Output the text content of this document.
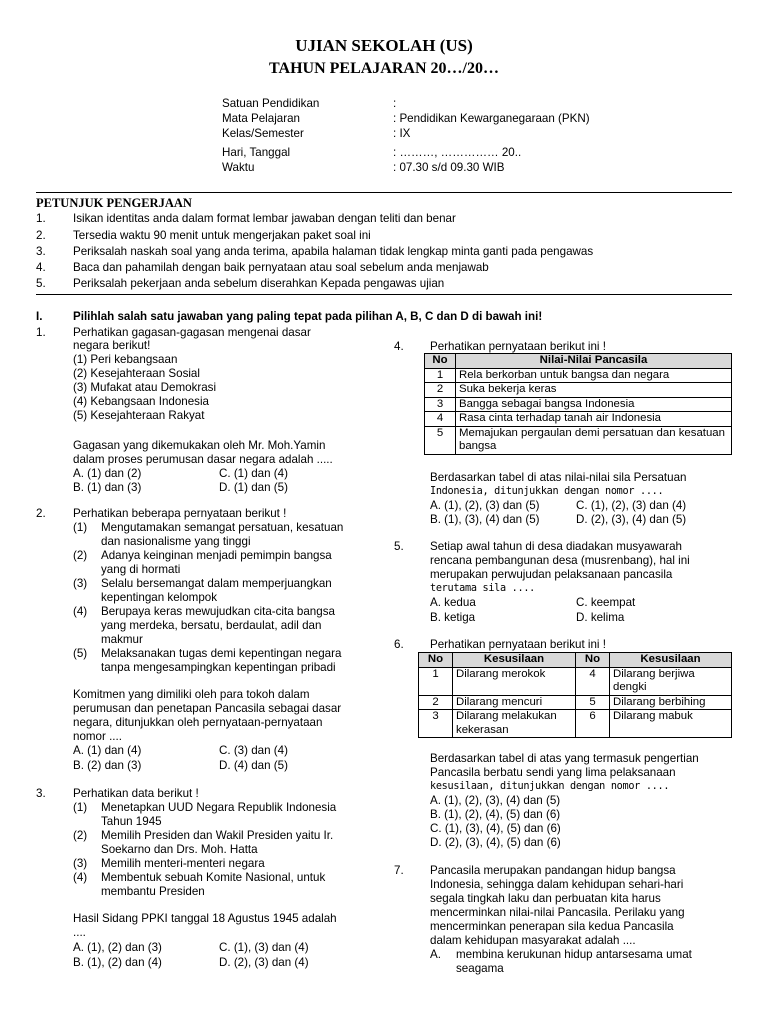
UJIAN SEKOLAH (US)
TAHUN PELAJARAN 20…/20…
Satuan Pendidikan	:
Mata Pelajaran	: Pendidikan Kewarganegaraan (PKN)
Kelas/Semester	: IX
Hari, Tanggal	: ………, …………… 20..
Waktu	: 07.30 s/d 09.30 WIB
PETUNJUK PENGERJAAN
1. Isikan identitas anda dalam format lembar jawaban dengan teliti dan benar
2. Tersedia waktu 90 menit untuk mengerjakan paket soal ini
3. Periksalah naskah soal yang anda terima, apabila halaman tidak lengkap minta ganti pada pengawas
4. Baca dan pahamilah dengan baik pernyataan atau soal sebelum anda menjawab
5. Periksalah pekerjaan anda sebelum diserahkan Kepada pengawas ujian
I.	Pilihlah salah satu jawaban yang paling tepat pada pilihan A, B, C dan D di bawah ini!
1. Perhatikan gagasan-gagasan mengenai dasar
negara berikut!
(1) Peri kebangsaan
(2) Kesejahteraan Sosial
(3) Mufakat atau Demokrasi
(4) Kebangsaan Indonesia
(5) Kesejahteraan Rakyat
Gagasan yang dikemukakan oleh Mr. Moh.Yamin
dalam proses perumusan dasar negara adalah .....
A. (1) dan (2)	C. (1) dan (4)
B. (1) dan (3)	D. (1) dan (5)
2. Perhatikan beberapa pernyataan berikut !
(1) Mengutamakan semangat persatuan, kesatuan
dan nasionalisme yang tinggi
(2) Adanya keinginan menjadi pemimpin bangsa
yang di hormati
(3) Selalu bersemangat dalam memperjuangkan
kepentingan kelompok
(4) Berupaya keras mewujudkan cita-cita bangsa
yang merdeka, bersatu, berdaulat, adil dan
makmur
(5) Melaksanakan tugas demi kepentingan negara
tanpa mengesampingkan kepentingan pribadi
Komitmen yang dimiliki oleh para tokoh dalam
perumusan dan penetapan Pancasila sebagai dasar
negara, ditunjukkan oleh pernyataan-pernyataan
nomor ....
A. (1) dan (4)	C. (3) dan (4)
B. (2) dan (3)	D. (4) dan (5)
3. Perhatikan data berikut !
(1) Menetapkan UUD Negara Republik Indonesia
Tahun 1945
(2) Memilih Presiden dan Wakil Presiden yaitu Ir.
Soekarno dan Drs. Moh. Hatta
(3) Memilih menteri-menteri negara
(4) Membentuk sebuah Komite Nasional, untuk
membantu Presiden
Hasil Sidang PPKI tanggal 18 Agustus 1945 adalah
....
A. (1), (2) dan (3)	C. (1), (3) dan (4)
B. (1), (2) dan (4)	D. (2), (3) dan (4)
4. Perhatikan pernyataan berikut ini !
No	Nilai-Nilai Pancasila
1	Rela berkorban untuk bangsa dan negara
2	Suka bekerja keras
3	Bangga sebagai bangsa Indonesia
4	Rasa cinta terhadap tanah air Indonesia
5	Memajukan pergaulan demi persatuan dan kesatuan bangsa
Berdasarkan tabel di atas nilai-nilai sila Persatuan
Indonesia, ditunjukkan dengan nomor ....
A. (1), (2), (3) dan (5)	C. (1), (2), (3) dan (4)
B. (1), (3), (4) dan (5)	D. (2), (3), (4) dan (5)
5. Setiap awal tahun di desa diadakan musyawarah
rencana pembangunan desa (musrenbang), hal ini
merupakan perwujudan pelaksanaan pancasila
terutama sila ....
A. kedua	C. keempat
B. ketiga	D. kelima
6. Perhatikan pernyataan berikut ini !
No	Kesusilaan	No	Kesusilaan
1	Dilarang merokok	4	Dilarang berjiwa dengki
2	Dilarang mencuri	5	Dilarang berbihing
3	Dilarang melakukan kekerasan	6	Dilarang mabuk
Berdasarkan tabel di atas yang termasuk pengertian
Pancasila berbatu sendi yang lima pelaksanaan
kesusilaan, ditunjukkan dengan nomor ....
A. (1), (2), (3), (4) dan (5)
B. (1), (2), (4), (5) dan (6)
C. (1), (3), (4), (5) dan (6)
D. (2), (3), (4), (5) dan (6)
7. Pancasila merupakan pandangan hidup bangsa
Indonesia, sehingga dalam kehidupan sehari-hari
segala tingkah laku dan perbuatan kita harus
mencerminkan nilai-nilai Pancasila. Perilaku yang
mencerminkan penerapan sila kedua Pancasila
dalam kehidupan masyarakat adalah ....
A. membina kerukunan hidup antarsesama umat
seagama
